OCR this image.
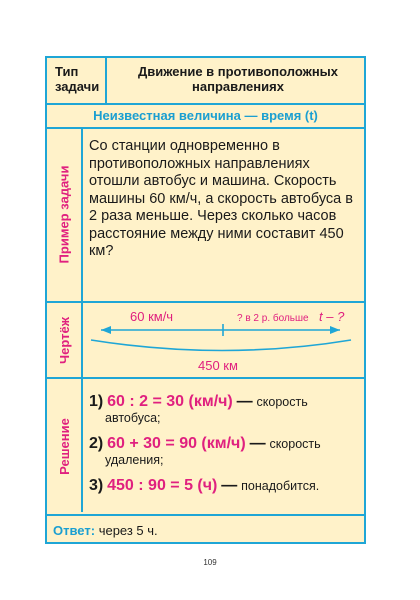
Тип
задачи
Движение в противоположных направлениях
Неизвестная величина — время (t)
Пример задачи
Со станции одновременно в противоположных направлениях отошли автобус и машина. Скорость машины 60 км/ч, а скорость автобуса в 2 раза меньше. Через сколько часов расстояние между ними составит 450 км?
Чертёж
60 км/ч	? в 2 р. больше t – ?
450 км
Решение
1) 60 : 2 = 30 (км/ч) — скорость
автобуса;
2) 60 + 30 = 90 (км/ч) — скорость
удаления;
3) 450 : 90 = 5 (ч) — понадобится.
Ответ: через 5 ч.
109
